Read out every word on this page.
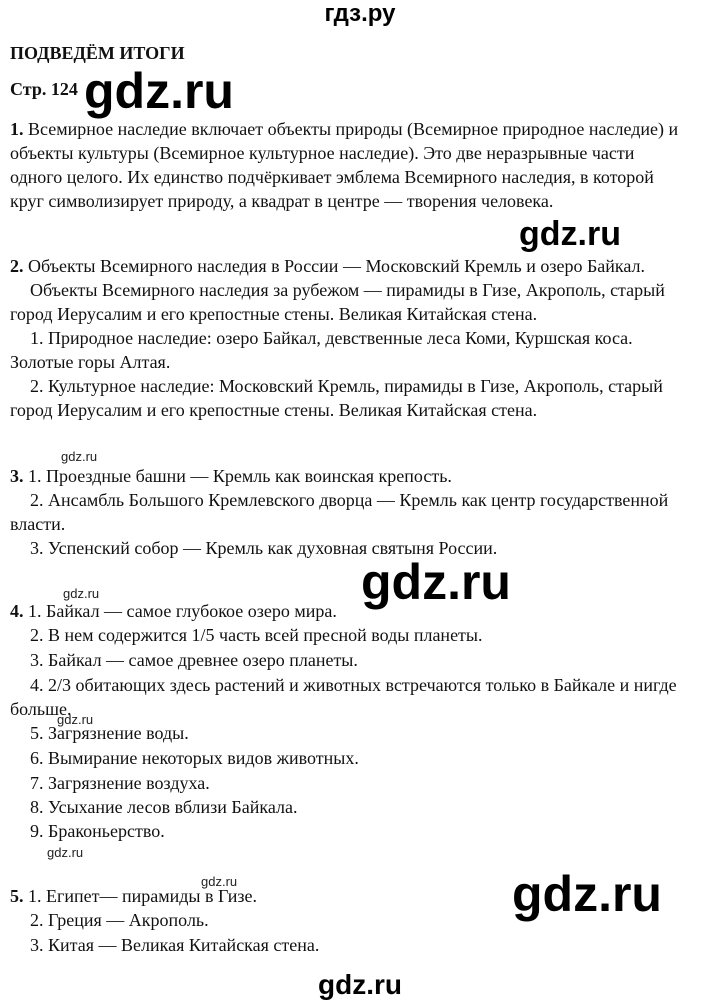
гдз.ру
ПОДВЕДЁМ ИТОГИ
Стр. 124
1. Всемирное наследие включает объекты природы (Всемирное природное наследие) и
объекты культуры (Всемирное культурное наследие). Это две неразрывные части
одного целого. Их единство подчёркивает эмблема Всемирного наследия, в которой
круг символизирует природу, а квадрат в центре — творения человека.
2. Объекты Всемирного наследия в России — Московский Кремль и озеро Байкал.
Объекты Всемирного наследия за рубежом — пирамиды в Гизе, Акрополь, старый
город Иерусалим и его крепостные стены. Великая Китайская стена.
1. Природное наследие: озеро Байкал, девственные леса Коми, Куршская коса.
Золотые горы Алтая.
2. Культурное наследие: Московский Кремль, пирамиды в Гизе, Акрополь, старый
город Иерусалим и его крепостные стены. Великая Китайская стена.
3. 1. Проездные башни — Кремль как воинская крепость.
2. Ансамбль Большого Кремлевского дворца — Кремль как центр государственной
власти.
3. Успенский собор — Кремль как духовная святыня России.
4. 1. Байкал — самое глубокое озеро мира.
2. В нем содержится 1/5 часть всей пресной воды планеты.
3. Байкал — самое древнее озеро планеты.
4. 2/3 обитающих здесь растений и животных встречаются только в Байкале и нигде
больше.
5. Загрязнение воды.
6. Вымирание некоторых видов животных.
7. Загрязнение воздуха.
8. Усыхание лесов вблизи Байкала.
9. Браконьерство.
5. 1. Египет— пирамиды в Гизе.
2. Греция — Акрополь.
3. Китая — Великая Китайская стена.
gdz.ru
gdz.ru
gdz.ru
gdz.ru
gdz.ru
gdz.ru
gdz.ru
gdz.ru
gdz.ru
gdz.ru
